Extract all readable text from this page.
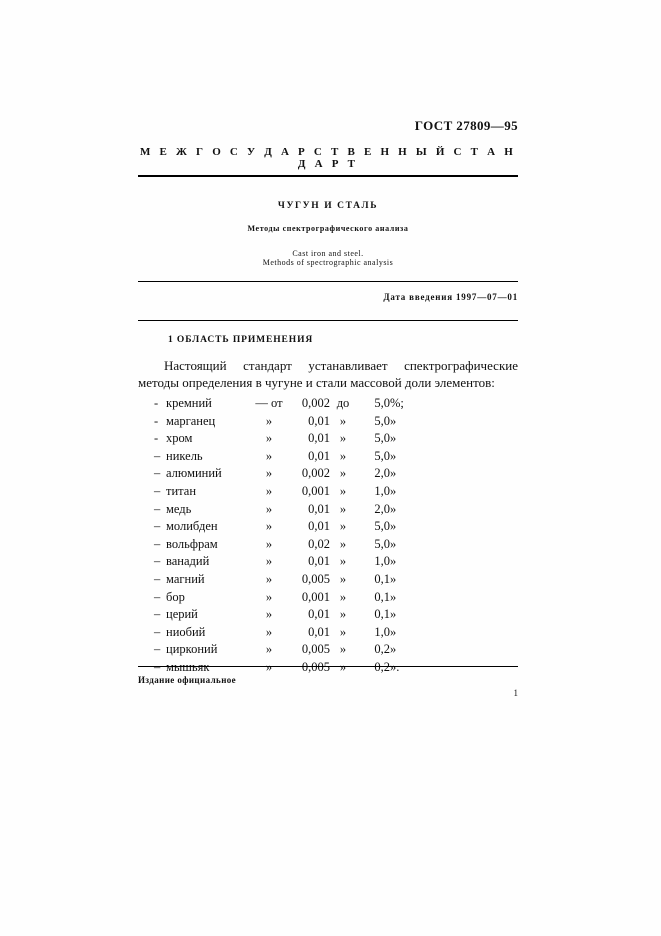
ГОСТ 27809—95
М Е Ж Г О С У Д А Р С Т В Е Н Н Ы Й С Т А Н Д А Р Т
ЧУГУН И СТАЛЬ
Методы спектрографического анализа
Cast iron and steel.
Methods of spectrographic analysis
Дата введения 1997—07—01
1 ОБЛАСТЬ ПРИМЕНЕНИЯ
Настоящий стандарт устанавливает спектрографические методы определения в чугуне и стали массовой доли элементов:
-	кремний	— от	0,002	до	5,0	%;
-	марганец	»	0,01	»	5,0	»
-	хром	»	0,01	»	5,0	»
–	никель	»	0,01	»	5,0	»
–	алюминий	»	0,002	»	2,0	»
–	титан	»	0,001	»	1,0	»
–	медь	»	0,01	»	2,0	»
–	молибден	»	0,01	»	5,0	»
–	вольфрам	»	0,02	»	5,0	»
–	ванадий	»	0,01	»	1,0	»
–	магний	»	0,005	»	0,1	»
–	бор	»	0,001	»	0,1	»
–	церий	»	0,01	»	0,1	»
–	ниобий	»	0,01	»	1,0	»
–	цирконий	»	0,005	»	0,2	»
–	мышьяк	»	0,005	»	0,2	».
Издание официальное
1
